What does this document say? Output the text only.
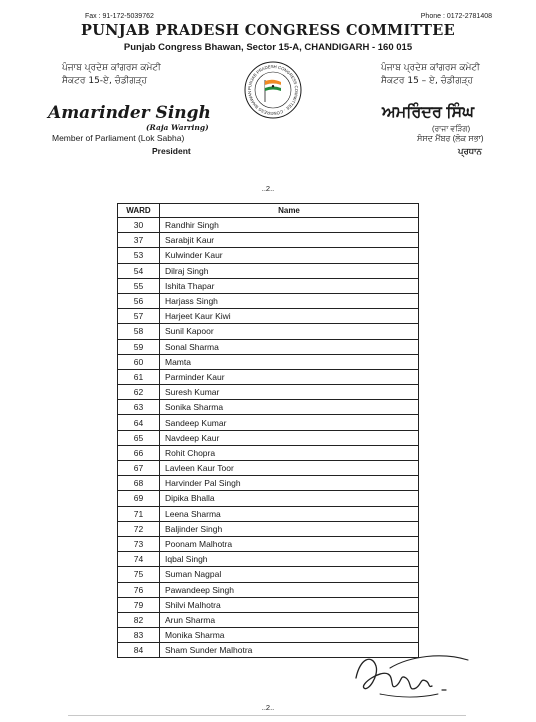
Fax : 91-172-5039762	Phone : 0172-2781408
PUNJAB PRADESH CONGRESS COMMITTEE
Punjab Congress Bhawan, Sector 15-A, CHANDIGARH - 160 015
ਪੰਜਾਬ ਪ੍ਰਦੇਸ਼ ਕਾਂਗਰਸ ਕਮੇਟੀ
ਸੈਕਟਰ 15-ਏ, ਚੰਡੀਗੜ੍ਹ
ਪੰਜਾਬ ਪ੍ਰਦੇਸ਼ ਕਾਂਗਰਸ ਕਮੇਟੀ
ਸੈਕਟਰ 15 – ਏ, ਚੰਡੀਗੜ੍ਹ
PUNJAB PRADESH CONGRESS COMMITTEE · CONGRESS BHAWAN
Amarinder Singh
(Raja Warring)
Member of Parliament (Lok Sabha)
President
ਅਮਰਿੰਦਰ ਸਿੰਘ
(ਰਾਜਾ ਵੜਿੰਗ)
ਸੰਸਦ ਮੈਂਬਰ (ਲੋਕ ਸਭਾ)
ਪ੍ਰਧਾਨ
..2..
WARD	Name
30	Randhir Singh
37	Sarabjit Kaur
53	Kulwinder Kaur
54	Dilraj Singh
55	Ishita Thapar
56	Harjass Singh
57	Harjeet Kaur Kiwi
58	Sunil Kapoor
59	Sonal Sharma
60	Mamta
61	Parminder Kaur
62	Suresh Kumar
63	Sonika Sharma
64	Sandeep Kumar
65	Navdeep Kaur
66	Rohit Chopra
67	Lavleen Kaur Toor
68	Harvinder Pal Singh
69	Dipika Bhalla
71	Leena Sharma
72	Baljinder Singh
73	Poonam Malhotra
74	Iqbal Singh
75	Suman Nagpal
76	Pawandeep Singh
79	Shilvi Malhotra
82	Arun Sharma
83	Monika Sharma
84	Sham Sunder Malhotra
..2..
